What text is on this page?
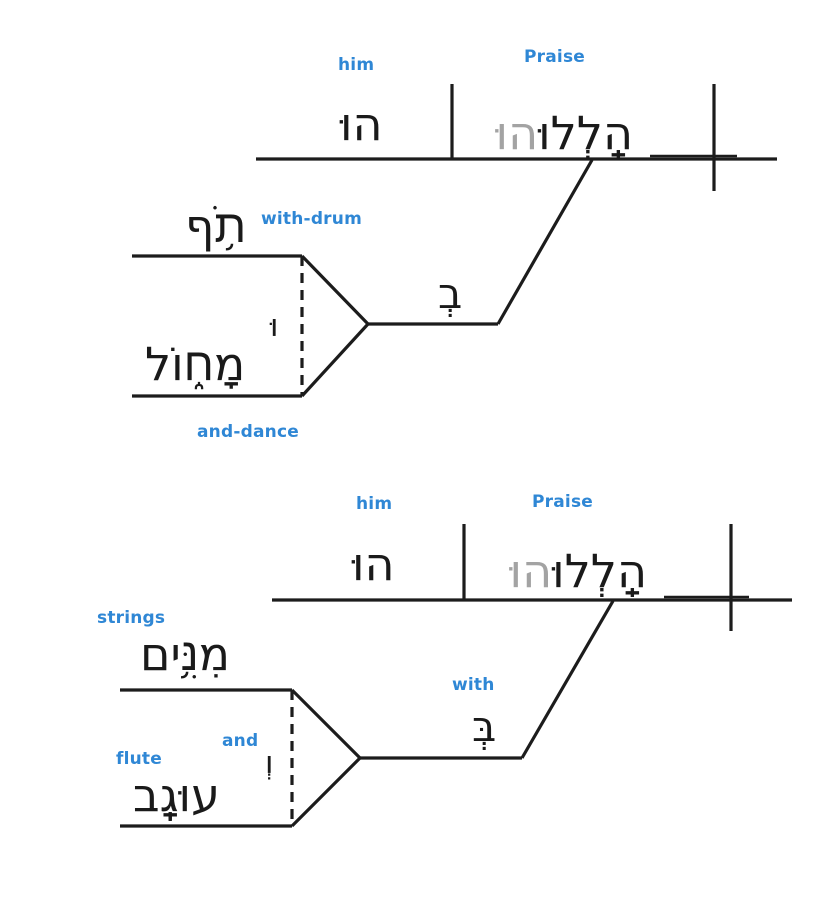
him	Praise
הוּ	הַֽלְלוּהוּ
with-drum
תֹ֥ף
בְ
וּ
מָח֑וֹל
and-dance
him	Praise
הוּ	הַֽלְלוּהוּ
strings
מִנִּ֥ים
with
בְּ
and
וְ
flute
עוּגָֽב
